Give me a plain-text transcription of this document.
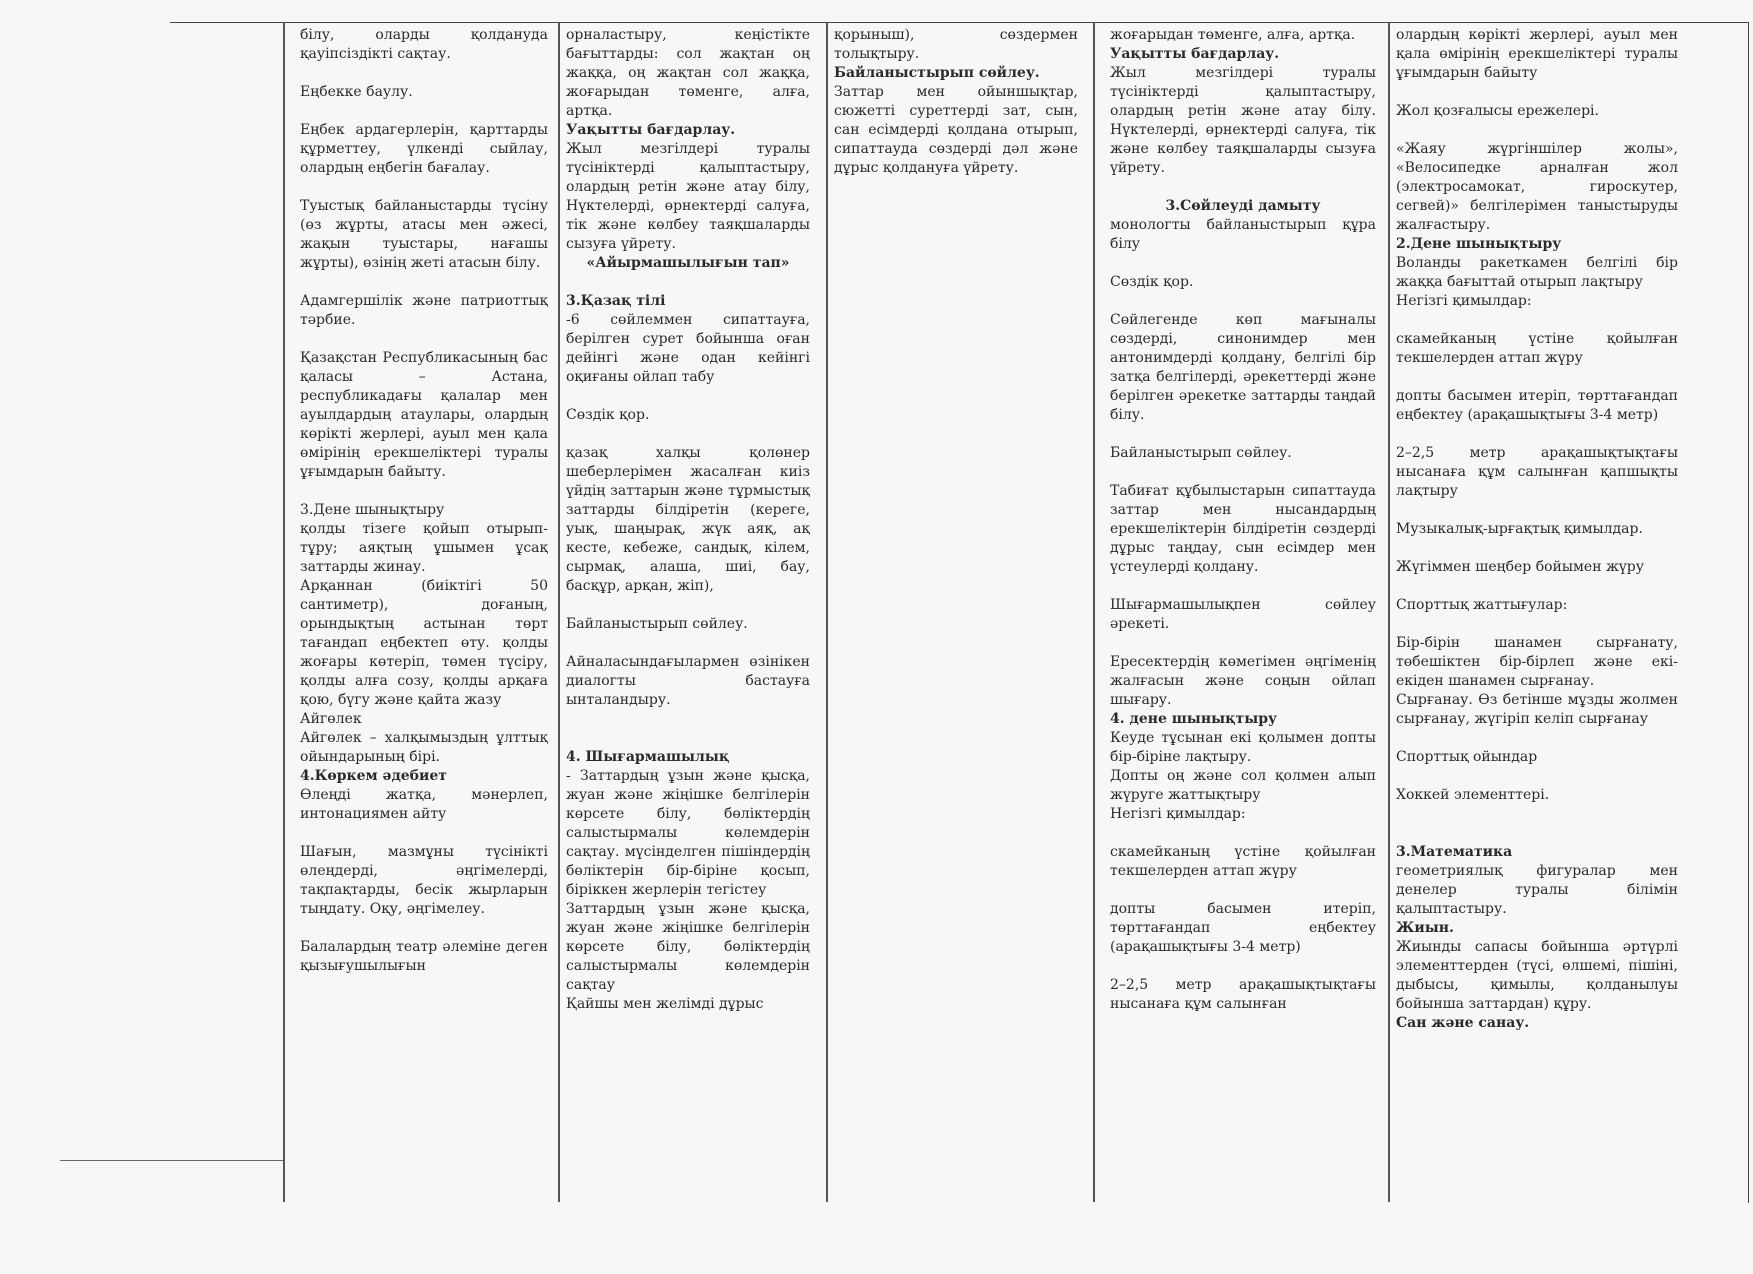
білу, оларды қолдануда қауіпсіздікті сақтау.

Еңбекке баулу.

Еңбек ардагерлерін, қарттарды құрметтеу, үлкенді сыйлау, олардың еңбегін бағалау.

Туыстық байланыстарды түсіну (өз жұрты, атасы мен әжесі, жақын туыстары, нағашы жұрты), өзінің жеті атасын білу.

Адамгершілік және патриоттық тәрбие.

Қазақстан Республикасының бас қаласы – Астана, республикадағы қалалар мен ауылдардың атаулары, олардың көрікті жерлері, ауыл мен қала өмірінің ерекшеліктері туралы ұғымдарын байыту.

3.Дене шынықтыру

қолды тізеге қойып отырып-тұру; аяқтың ұшымен ұсақ заттарды жинау.

Арқаннан (биіктігі 50 сантиметр), доғаның, орындықтың астынан төрт тағандап еңбектеп өту. қолды жоғары көтеріп, төмен түсіру, қолды алға созу, қолды арқаға қою, бүгу және қайта жазу

Айгөлек

Айгөлек – халқымыздың ұлттық ойындарының бірі.

4.Көркем әдебиет

Өлеңді жатқа, мәнерлеп, интонациямен айту

Шағын, мазмұны түсінікті өлеңдерді, әңгімелерді, тақпақтарды, бесік жырларын тыңдату. Оқу, әңгімелеу.

Балалардың театр әлеміне деген қызығушылығын

орналастыру, кеңістікте бағыттарды: сол жақтан оң жаққа, оң жақтан сол жаққа, жоғарыдан төменге, алға, артқа.

Уақытты бағдарлау.

Жыл мезгілдері туралы түсініктерді қалыптастыру, олардың ретін және атау білу, Нүктелерді, өрнектерді салуға, тік және көлбеу таяқшаларды сызуға үйрету.

«Айырмашылығын тап»

3.Қазақ тілі

-6 сөйлеммен сипаттауға, берілген сурет бойынша оған дейінгі және одан кейінгі оқиғаны ойлап табу

Сөздік қор.

қазақ халқы қолөнер шеберлерімен жасалған киіз үйдің заттарын және тұрмыстық заттарды білдіретін (кереге, уық, шаңырақ, жүк аяқ, ақ кесте, кебеже, сандық, кілем, сырмақ, алаша, шиі, бау, басқұр, арқан, жіп),

Байланыстырып сөйлеу.

Айналасындағылармен өзінікен диалогты бастауға ынталандыру.

4. Шығармашылық

- Заттардың ұзын және қысқа, жуан және жіңішке белгілерін көрсете білу, бөліктердің салыстырмалы көлемдерін сақтау. мүсінделген пішіндердің бөліктерін бір-біріне қосып, біріккен жерлерін тегістеу

Заттардың ұзын және қысқа, жуан және жіңішке белгілерін көрсете білу, бөліктердің салыстырмалы көлемдерін сақтау

Қайшы мен желімді дұрыс

қорыныш), сөздермен толықтыру.

Байланыстырып сөйлеу.

Заттар мен ойыншықтар, сюжетті суреттерді зат, сын, сан есімдерді қолдана отырып, сипаттауда сөздерді дәл және дұрыс қолдануға үйрету.

жоғарыдан төменге, алға, артқа.

Уақытты бағдарлау.

Жыл мезгілдері туралы түсініктерді қалыптастыру, олардың ретін және атау білу. Нүктелерді, өрнектерді салуға, тік және көлбеу таяқшаларды сызуға үйрету.

3.Сөйлеуді дамыту

монологты байланыстырып құра білу

Сөздік қор.

Сөйлегенде көп мағыналы сөздерді, синонимдер мен антонимдерді қолдану, белгілі бір затқа белгілерді, әрекеттерді және берілген әрекетке заттарды таңдай білу.

Байланыстырып сөйлеу.

Табиғат құбылыстарын сипаттауда заттар мен нысандардың ерекшеліктерін білдіретін сөздерді дұрыс таңдау, сын есімдер мен үстеулерді қолдану.

Шығармашылықпен сөйлеу әрекеті.

Ересектердің көмегімен әңгіменің жалғасын және соңын ойлап шығару.

4. дене шынықтыру

Кеуде тұсынан екі қолымен допты бір-біріне лақтыру.

Допты оң және сол қолмен алып жүруге жаттықтыру

Негізгі қимылдар:

скамейканың үстіне қойылған текшелерден аттап жүру

допты басымен итеріп, төрттағандап еңбектеу (арақашықтығы 3-4 метр)

2–2,5 метр арақашықтықтағы нысанаға құм салынған

олардың көрікті жерлері, ауыл мен қала өмірінің ерекшеліктері туралы ұғымдарын байыту

Жол қозғалысы ережелері.

«Жаяу жүргіншілер жолы», «Велосипедке арналған жол (электросамокат, гироскутер, сегвей)» белгілерімен таныстыруды жалғастыру.

2.Дене шынықтыру

Воланды ракеткамен белгілі бір жаққа бағыттай отырып лақтыру

Негізгі қимылдар:

скамейканың үстіне қойылған текшелерден аттап жүру

допты басымен итеріп, төрттағандап еңбектеу (арақашықтығы 3-4 метр)

2–2,5 метр арақашықтықтағы нысанаға құм салынған қапшықты лақтыру

Музыкалық-ырғақтық қимылдар.

Жүгіммен шеңбер бойымен жүру

Спорттық жаттығулар:

Бір-бірін шанамен сырғанату, төбешіктен бір-бірлеп және екі-екіден шанамен сырғанау.

Сырғанау. Өз бетінше мұзды жолмен сырғанау, жүгіріп келіп сырғанау

Спорттық ойындар

Хоккей элементтері.

3.Математика

геометриялық фигуралар мен денелер туралы білімін қалыптастыру.

Жиын.

Жиынды сапасы бойынша әртүрлі элементтерден (түсі, өлшемі, пішіні, дыбысы, қимылы, қолданылуы бойынша заттардан) құру.

Сан және санау.
